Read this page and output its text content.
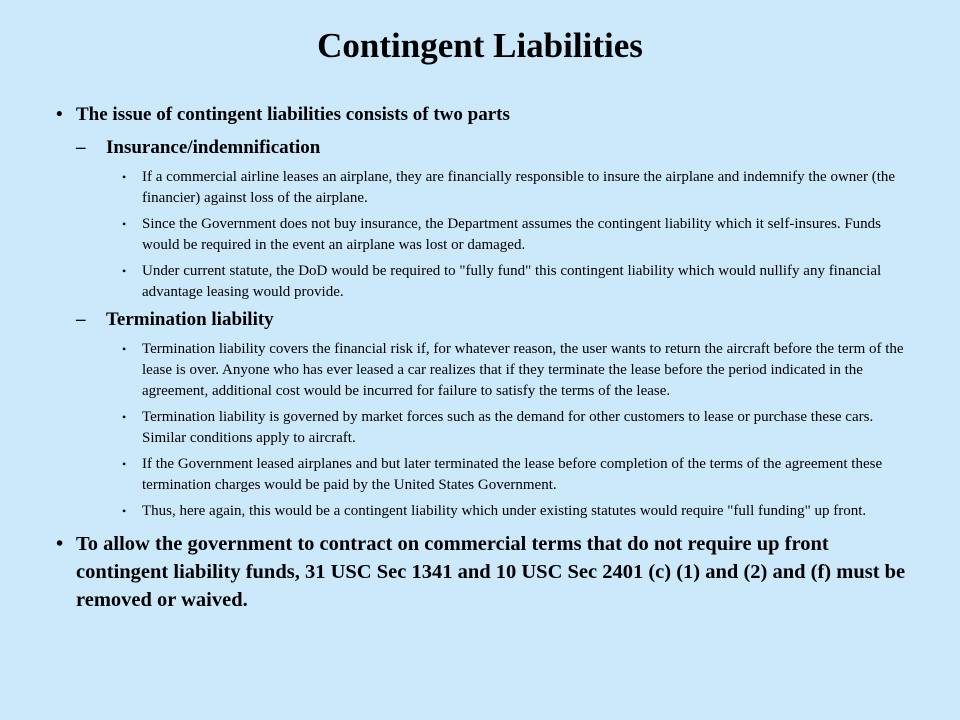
Contingent Liabilities
• The issue of contingent liabilities consists of two parts
– Insurance/indemnification
• If a commercial airline leases an airplane, they are financially responsible to insure the airplane and indemnify the owner (the financier) against loss of the airplane.
• Since the Government does not buy insurance, the Department assumes the contingent liability which it self-insures. Funds would be required in the event an airplane was lost or damaged.
• Under current statute, the DoD would be required to "fully fund" this contingent liability which would nullify any financial advantage leasing would provide.
– Termination liability
• Termination liability covers the financial risk if, for whatever reason, the user wants to return the aircraft before the term of the lease is over. Anyone who has ever leased a car realizes that if they terminate the lease before the period indicated in the agreement, additional cost would be incurred for failure to satisfy the terms of the lease.
• Termination liability is governed by market forces such as the demand for other customers to lease or purchase these cars. Similar conditions apply to aircraft.
• If the Government leased airplanes and but later terminated the lease before completion of the terms of the agreement these termination charges would be paid by the United States Government.
• Thus, here again, this would be a contingent liability which under existing statutes would require "full funding" up front.
• To allow the government to contract on commercial terms that do not require up front contingent liability funds, 31 USC Sec 1341 and 10 USC Sec 2401 (c) (1) and (2) and (f) must be removed or waived.
